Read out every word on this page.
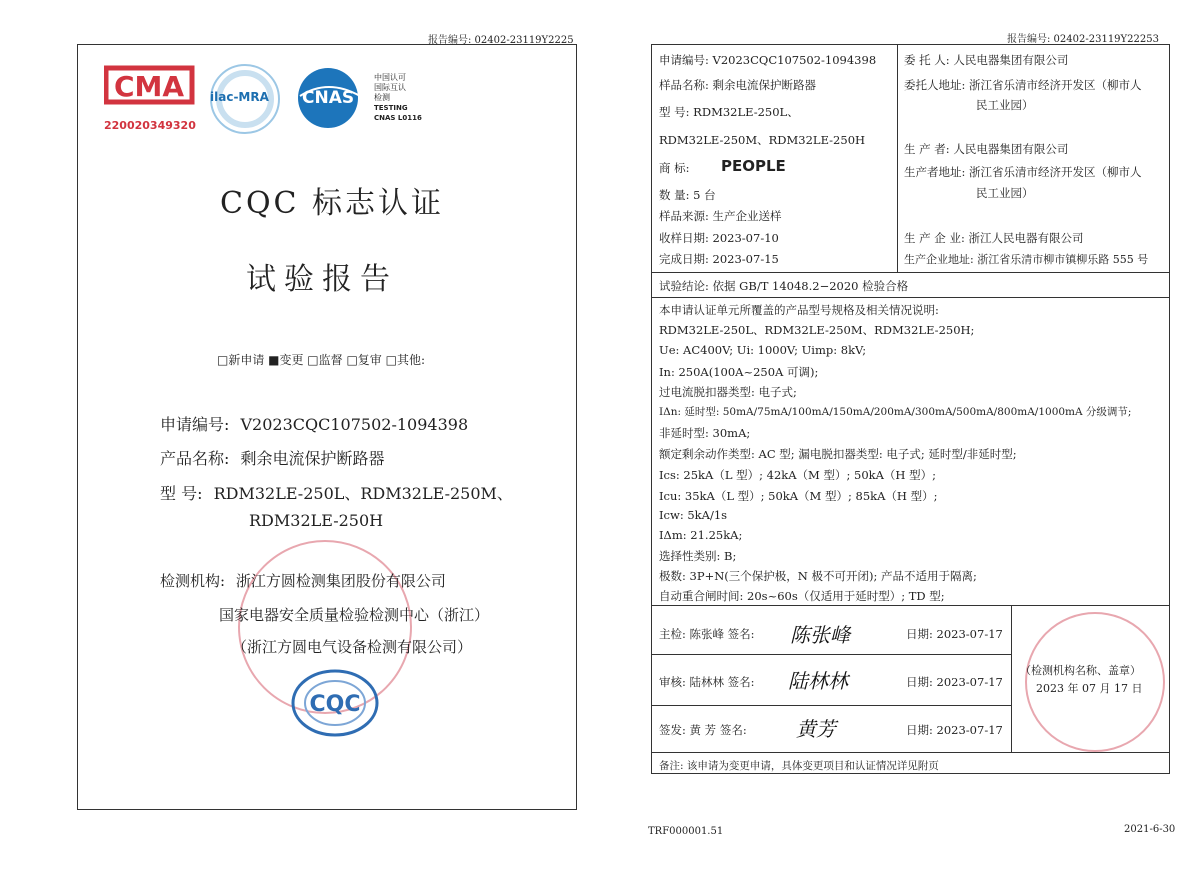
报告编号: 02402-23119Y2225
CMA
220020349320
ilac-MRA CNAS
中国认可
国际互认
检测
TESTING
CNAS L0116
CQC 标志认证
试验报告
□新申请 ■变更 □监督 □复审 □其他:
申请编号: V2023CQC107502-1094398
产品名称: 剩余电流保护断路器
型 号: RDM32LE-250L、RDM32LE-250M、
RDM32LE-250H
检测机构: 浙江方圆检测集团股份有限公司
国家电器安全质量检验检测中心（浙江）
（浙江方圆电气设备检测有限公司）
CQC
报告编号: 02402-23119Y22253
申请编号: V2023CQC107502-1094398
样品名称: 剩余电流保护断路器
型 号: RDM32LE-250L、
RDM32LE-250M、RDM32LE-250H
商 标: PEOPLE
数 量: 5 台
样品来源: 生产企业送样
收样日期: 2023-07-10
完成日期: 2023-07-15
委 托 人: 人民电器集团有限公司
委托人地址: 浙江省乐清市经济开发区（柳市人
民工业园）
生 产 者: 人民电器集团有限公司
生产者地址: 浙江省乐清市经济开发区（柳市人
民工业园）
生 产 企 业: 浙江人民电器有限公司
生产企业地址: 浙江省乐清市柳市镇柳乐路 555 号
试验结论: 依据 GB/T 14048.2−2020 检验合格
本申请认证单元所覆盖的产品型号规格及相关情况说明:
RDM32LE-250L、RDM32LE-250M、RDM32LE-250H;
Ue: AC400V; Ui: 1000V; Uimp: 8kV;
In: 250A(100A~250A 可调);
过电流脱扣器类型: 电子式;
IΔn: 延时型: 50mA/75mA/100mA/150mA/200mA/300mA/500mA/800mA/1000mA 分级调节;
非延时型: 30mA;
额定剩余动作类型: AC 型; 漏电脱扣器类型: 电子式; 延时型/非延时型;
Ics: 25kA（L 型）; 42kA（M 型）; 50kA（H 型）;
Icu: 35kA（L 型）; 50kA（M 型）; 85kA（H 型）;
Icw: 5kA/1s
IΔm: 21.25kA;
选择性类别: B;
极数: 3P+N(三个保护极，N 极不可开闭); 产品不适用于隔离;
自动重合闸时间: 20s~60s（仅适用于延时型）; TD 型;
主检: 陈张峰 签名: 陈张峰	日期: 2023-07-17
审核: 陆林林 签名: 陆林林	日期: 2023-07-17
签发: 黄 芳 签名: 黄芳	日期: 2023-07-17
（检测机构名称、盖章）
2023 年 07 月 17 日
备注: 该申请为变更申请，具体变更项目和认证情况详见附页
TRF000001.51	2021-6-30
